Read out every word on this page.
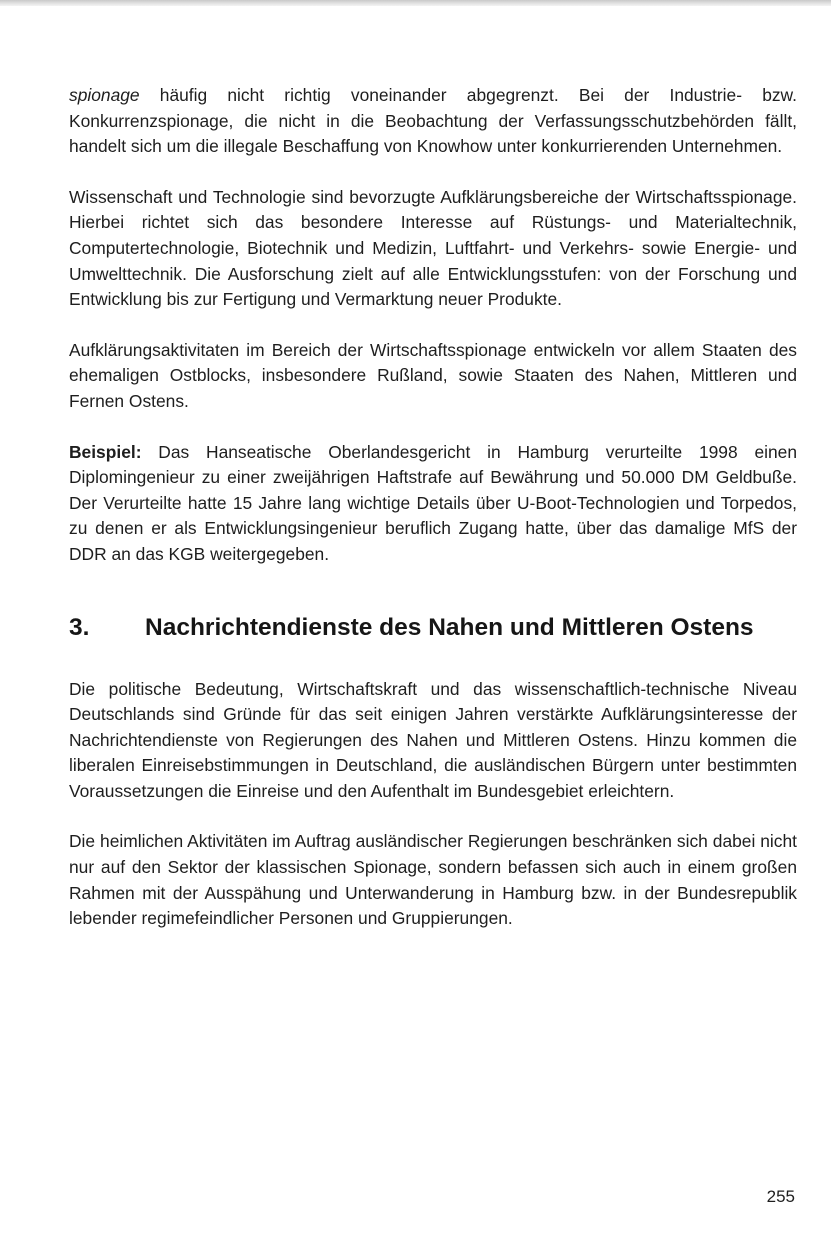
spionage häufig nicht richtig voneinander abgegrenzt. Bei der Industrie- bzw. Konkurrenzspionage, die nicht in die Beobachtung der Verfassungsschutzbehörden fällt, handelt sich um die illegale Beschaffung von Knowhow unter konkurrierenden Unternehmen.

Wissenschaft und Technologie sind bevorzugte Aufklärungsbereiche der Wirtschaftsspionage. Hierbei richtet sich das besondere Interesse auf Rüstungs- und Materialtechnik, Computertechnologie, Biotechnik und Medizin, Luftfahrt- und Verkehrs- sowie Energie- und Umwelttechnik. Die Ausforschung zielt auf alle Entwicklungsstufen: von der Forschung und Entwicklung bis zur Fertigung und Vermarktung neuer Produkte.

Aufklärungsaktivitaten im Bereich der Wirtschaftsspionage entwickeln vor allem Staaten des ehemaligen Ostblocks, insbesondere Rußland, sowie Staaten des Nahen, Mittleren und Fernen Ostens.

Beispiel: Das Hanseatische Oberlandesgericht in Hamburg verurteilte 1998 einen Diplomingenieur zu einer zweijährigen Haftstrafe auf Bewährung und 50.000 DM Geldbuße. Der Verurteilte hatte 15 Jahre lang wichtige Details über U-Boot-Technologien und Torpedos, zu denen er als Entwicklungsingenieur beruflich Zugang hatte, über das damalige MfS der DDR an das KGB weitergegeben.

3.	Nachrichtendienste des Nahen und Mittleren Ostens

Die politische Bedeutung, Wirtschaftskraft und das wissenschaftlich-technische Niveau Deutschlands sind Gründe für das seit einigen Jahren verstärkte Aufklärungsinteresse der Nachrichtendienste von Regierungen des Nahen und Mittleren Ostens. Hinzu kommen die liberalen Einreisebstimmungen in Deutschland, die ausländischen Bürgern unter bestimmten Voraussetzungen die Einreise und den Aufenthalt im Bundesgebiet erleichtern.

Die heimlichen Aktivitäten im Auftrag ausländischer Regierungen beschränken sich dabei nicht nur auf den Sektor der klassischen Spionage, sondern befassen sich auch in einem großen Rahmen mit der Ausspähung und Unterwanderung in Hamburg bzw. in der Bundesrepublik lebender regimefeindlicher Personen und Gruppierungen.

255
